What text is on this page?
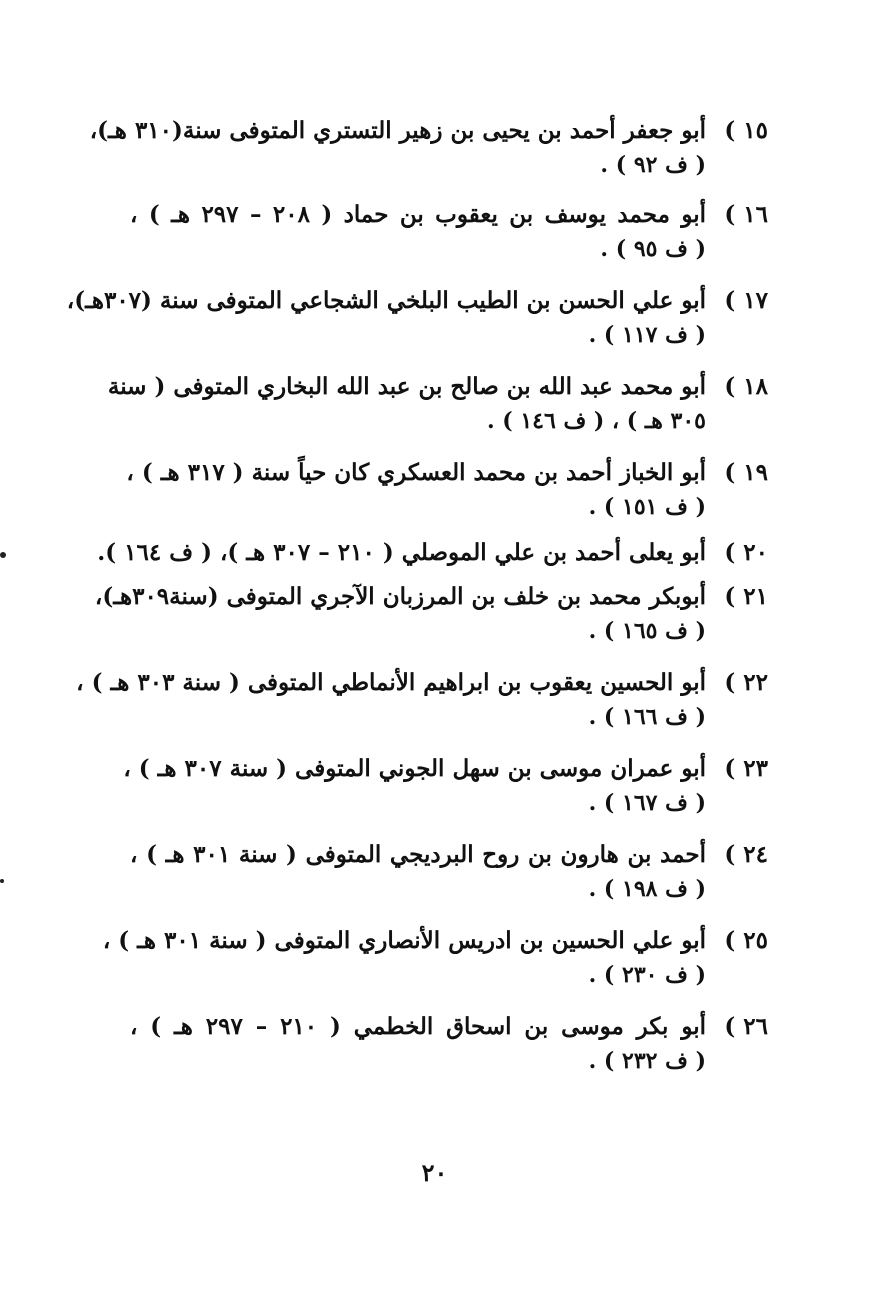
١٥ )
أبو جعفر أحمد بن يحيى بن زهير التستري المتوفى سنة(٣١٠ هـ)،
( ف ٩٢ ) .
١٦ )
أبو محمد يوسف بن يعقوب بن حماد ( ٢٠٨ – ٢٩٧ هـ ) ،
( ف ٩٥ ) .
١٧ )
أبو علي الحسن بن الطيب البلخي الشجاعي المتوفى سنة (٣٠٧هـ)،
( ف ١١٧ ) .
١٨ )
أبو محمد عبد الله بن صالح بن عبد الله البخاري المتوفى ( سنة
٣٠٥ هـ ) ، ( ف ١٤٦ ) .
١٩ )
أبو الخباز أحمد بن محمد العسكري كان حياً سنة ( ٣١٧ هـ ) ،
( ف ١٥١ ) .
٢٠ )
أبو يعلى أحمد بن علي الموصلي ( ٢١٠ – ٣٠٧ هـ )، ( ف ١٦٤ ).
٢١ )
أبوبكر محمد بن خلف بن المرزبان الآجري المتوفى (سنة٣٠٩هـ)،
( ف ١٦٥ ) .
٢٢ )
أبو الحسين يعقوب بن ابراهيم الأنماطي المتوفى ( سنة ٣٠٣ هـ ) ،
( ف ١٦٦ ) .
٢٣ )
أبو عمران موسى بن سهل الجوني المتوفى ( سنة ٣٠٧ هـ ) ،
( ف ١٦٧ ) .
٢٤ )
أحمد بن هارون بن روح البرديجي المتوفى ( سنة ٣٠١ هـ ) ،
( ف ١٩٨ ) .
٢٥ )
أبو علي الحسين بن ادريس الأنصاري المتوفى ( سنة ٣٠١ هـ ) ،
( ف ٢٣٠ ) .
٢٦ )
أبو بكر موسى بن اسحاق الخطمي ( ٢١٠ – ٢٩٧ هـ ) ،
( ف ٢٣٢ ) .
٢٠
